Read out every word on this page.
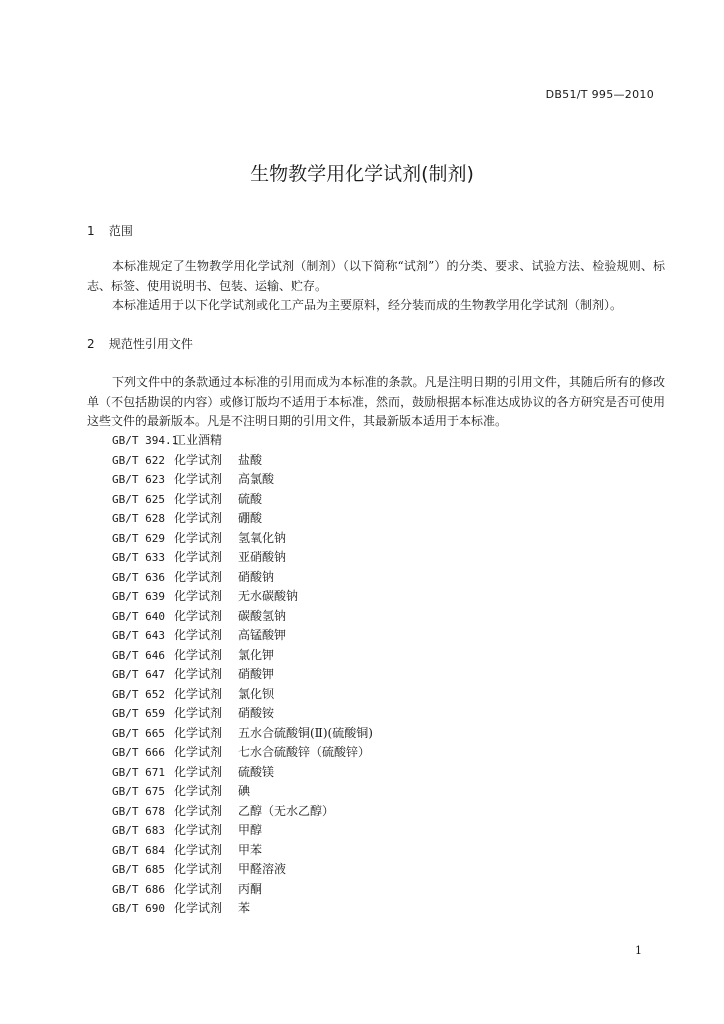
DB51/T 995—2010
生物教学用化学试剂(制剂)
1 范围

本标准规定了生物教学用化学试剂（制剂）（以下简称“试剂”）的分类、要求、试验方法、检验规则、标志、标签、使用说明书、包装、运输、贮存。

本标准适用于以下化学试剂或化工产品为主要原料，经分装而成的生物教学用化学试剂（制剂）。

2 规范性引用文件

下列文件中的条款通过本标准的引用而成为本标准的条款。凡是注明日期的引用文件，其随后所有的修改单（不包括勘误的内容）或修订版均不适用于本标准，然而，鼓励根据本标准达成协议的各方研究是否可使用这些文件的最新版本。凡是不注明日期的引用文件，其最新版本适用于本标准。

GB/T 394.1工业酒精
GB/T 622 化学试剂 盐酸
GB/T 623 化学试剂 高氯酸
GB/T 625 化学试剂 硫酸
GB/T 628 化学试剂 硼酸
GB/T 629 化学试剂 氢氧化钠
GB/T 633 化学试剂 亚硝酸钠
GB/T 636 化学试剂 硝酸钠
GB/T 639 化学试剂 无水碳酸钠
GB/T 640 化学试剂 碳酸氢钠
GB/T 643 化学试剂 高锰酸钾
GB/T 646 化学试剂 氯化钾
GB/T 647 化学试剂 硝酸钾
GB/T 652 化学试剂 氯化钡
GB/T 659 化学试剂 硝酸铵
GB/T 665 化学试剂 五水合硫酸铜(Ⅱ)(硫酸铜)
GB/T 666 化学试剂 七水合硫酸锌（硫酸锌）
GB/T 671 化学试剂 硫酸镁
GB/T 675 化学试剂 碘
GB/T 678 化学试剂 乙醇（无水乙醇）
GB/T 683 化学试剂 甲醇
GB/T 684 化学试剂 甲苯
GB/T 685 化学试剂 甲醛溶液
GB/T 686 化学试剂 丙酮
GB/T 690 化学试剂 苯
1
